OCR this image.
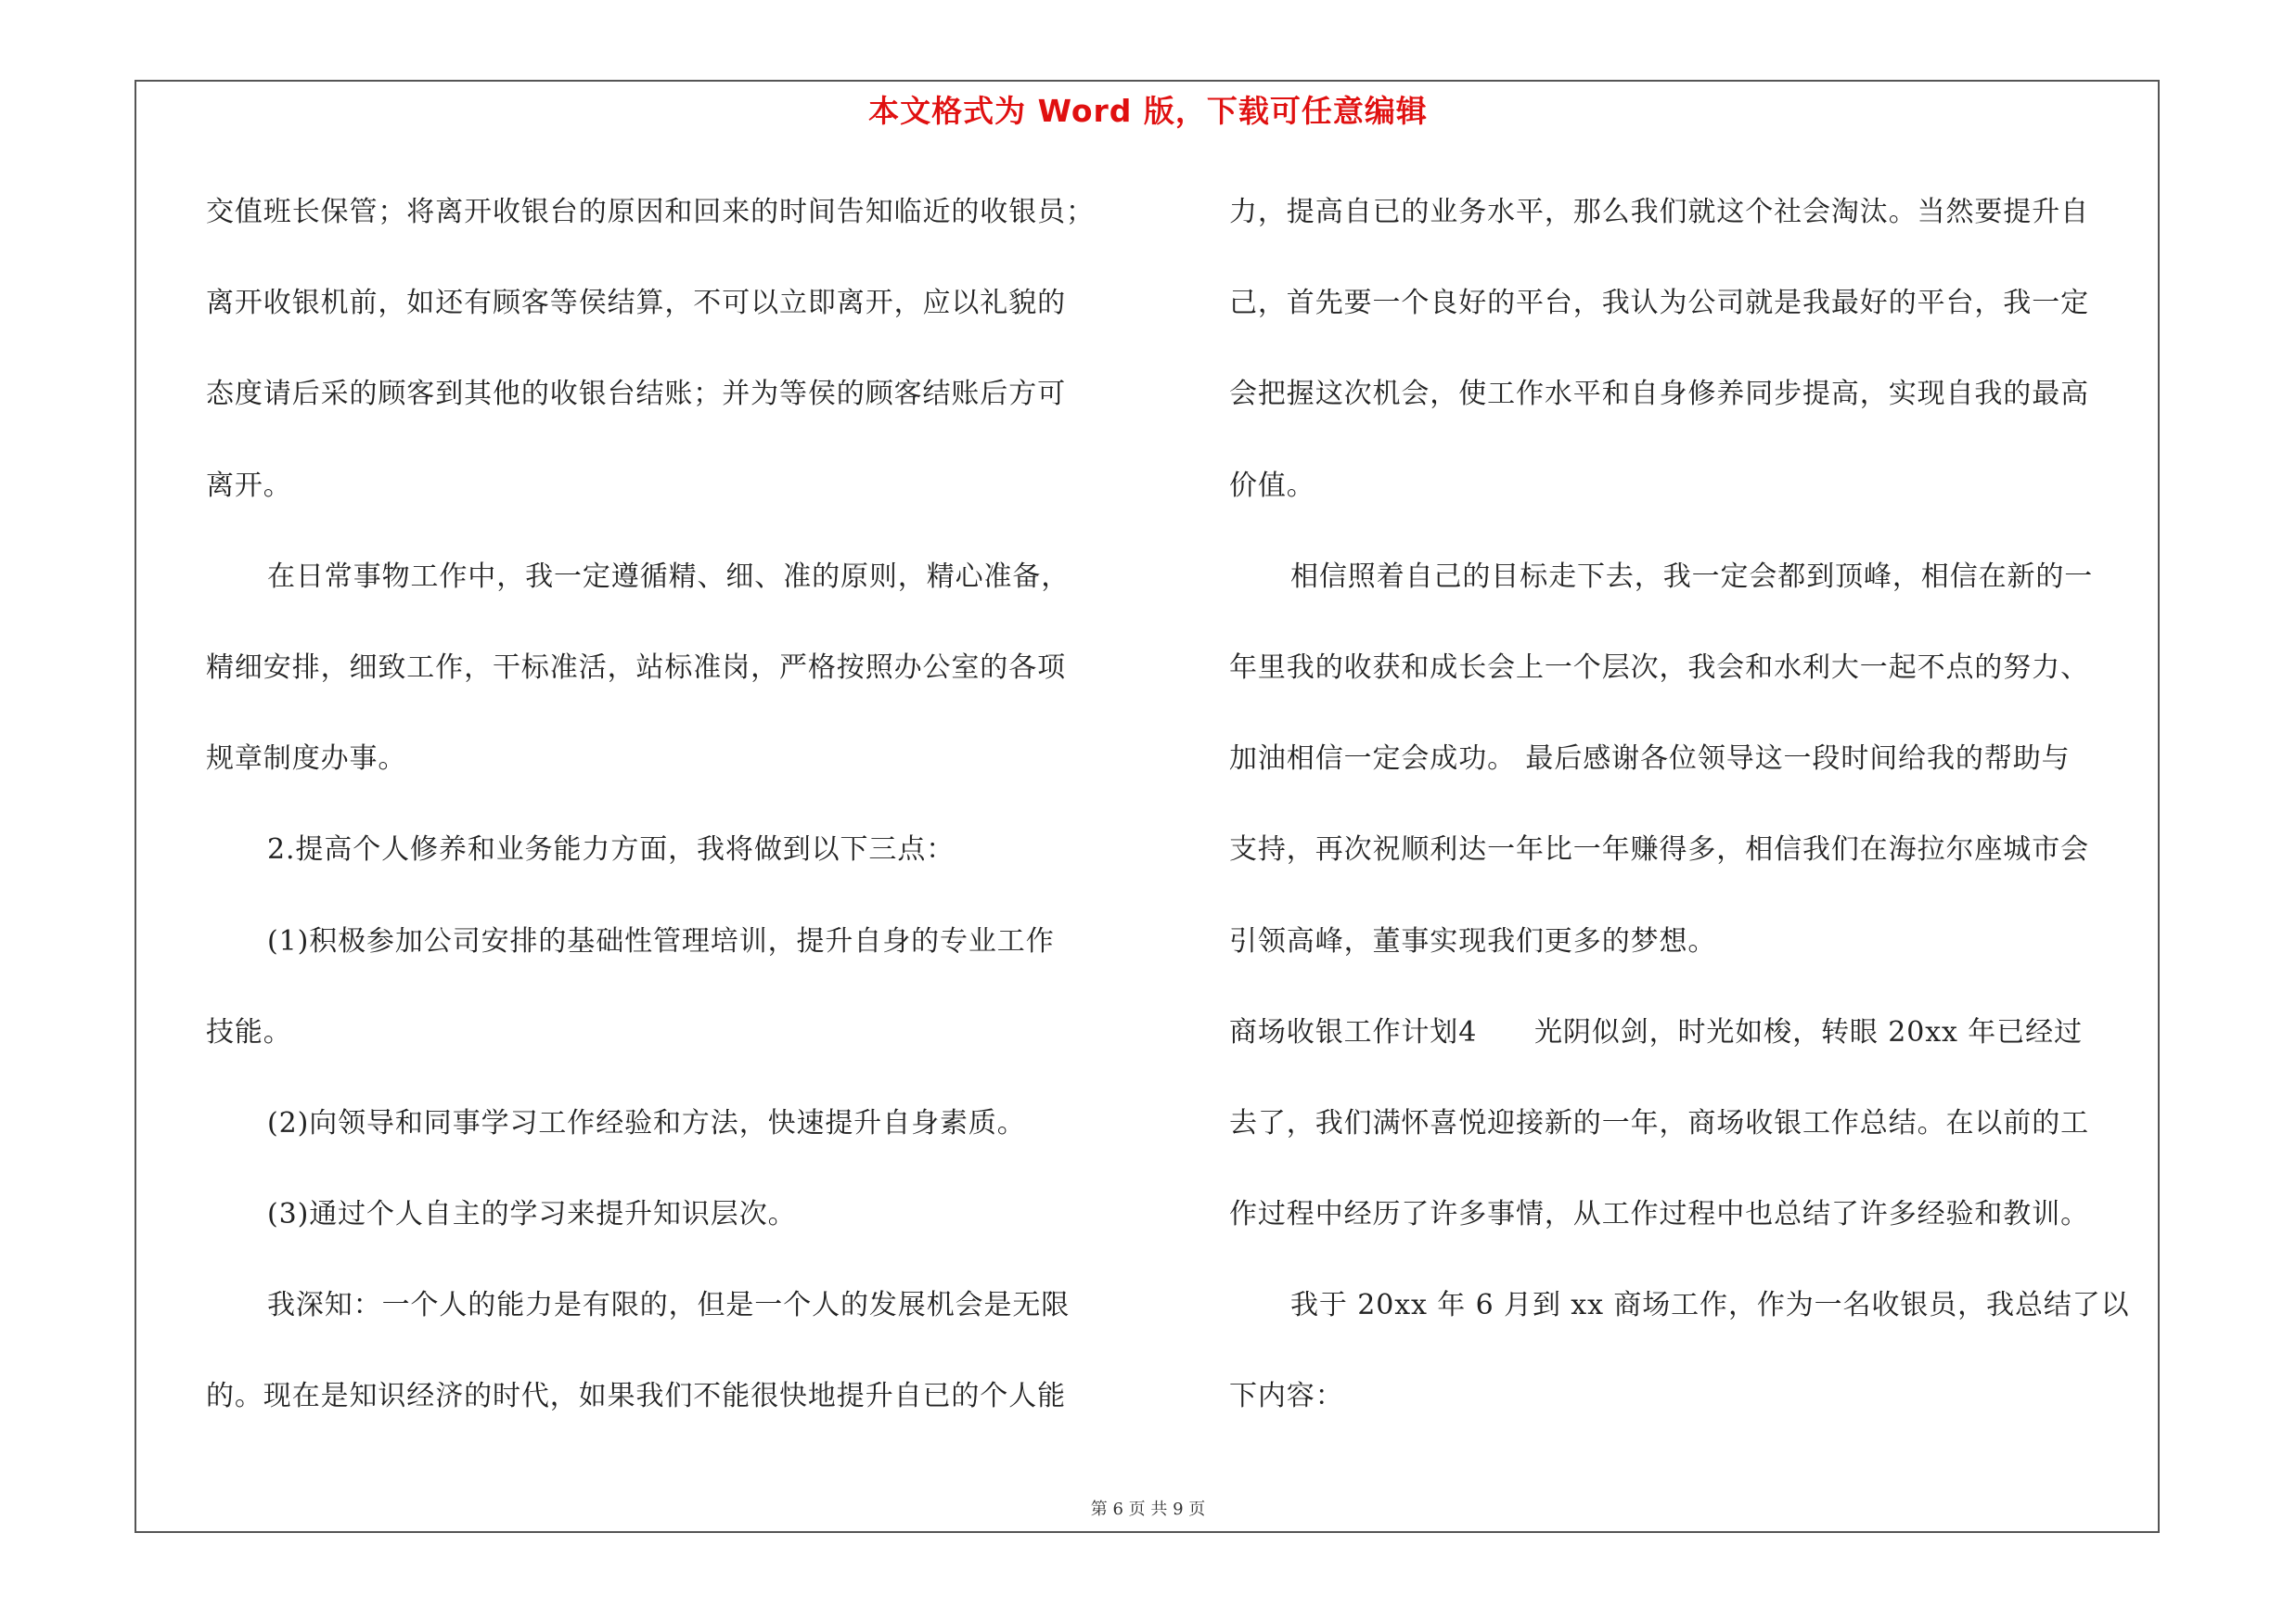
本文格式为 Word 版，下载可任意编辑
交值班长保管；将离开收银台的原因和回来的时间告知临近的收银员；
离开收银机前，如还有顾客等侯结算，不可以立即离开，应以礼貌的
态度请后采的顾客到其他的收银台结账；并为等侯的顾客结账后方可
离开。
在日常事物工作中，我一定遵循精、细、准的原则，精心准备，
精细安排，细致工作，干标准活，站标准岗，严格按照办公室的各项
规章制度办事。
2.提高个人修养和业务能力方面，我将做到以下三点：
(1)积极参加公司安排的基础性管理培训，提升自身的专业工作
技能。
(2)向领导和同事学习工作经验和方法，快速提升自身素质。
(3)通过个人自主的学习来提升知识层次。
我深知：一个人的能力是有限的，但是一个人的发展机会是无限
的。现在是知识经济的时代，如果我们不能很快地提升自已的个人能
力，提高自已的业务水平，那么我们就这个社会淘汰。当然要提升自
己，首先要一个良好的平台，我认为公司就是我最好的平台，我一定
会把握这次机会，使工作水平和自身修养同步提高，实现自我的最高
价值。
相信照着自己的目标走下去，我一定会都到顶峰，相信在新的一
年里我的收获和成长会上一个层次，我会和水利大一起不点的努力、
加油相信一定会成功。 最后感谢各位领导这一段时间给我的帮助与
支持，再次祝顺利达一年比一年赚得多，相信我们在海拉尔座城市会
引领高峰，董事实现我们更多的梦想。
商场收银工作计划4　　光阴似剑，时光如梭，转眼 20xx 年已经过
去了，我们满怀喜悦迎接新的一年，商场收银工作总结。在以前的工
作过程中经历了许多事情，从工作过程中也总结了许多经验和教训。
我于 20xx 年 6 月到 xx 商场工作，作为一名收银员，我总结了以
下内容：
第 6 页 共 9 页
